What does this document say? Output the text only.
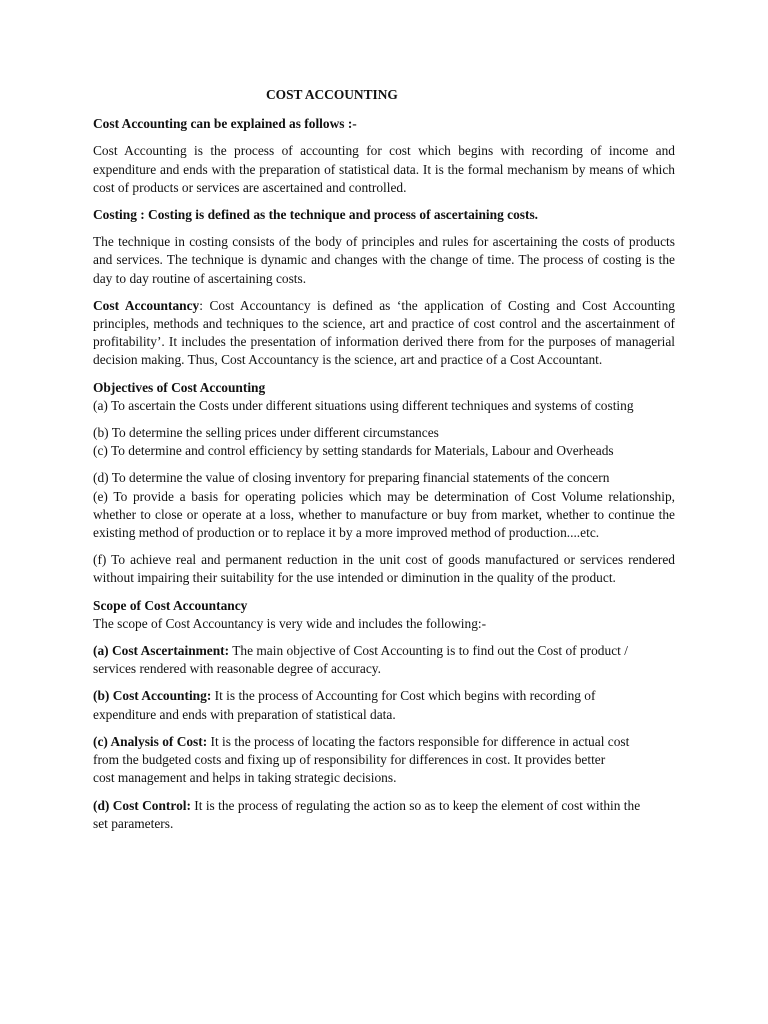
COST ACCOUNTING

Cost Accounting can be explained as follows :-

Cost Accounting is the process of accounting for cost which begins with recording of income and expenditure and ends with the preparation of statistical data. It is the formal mechanism by means of which cost of products or services are ascertained and controlled.

Costing : Costing is defined as the technique and process of ascertaining costs.

The technique in costing consists of the body of principles and rules for ascertaining the costs of products and services. The technique is dynamic and changes with the change of time. The process of costing is the day to day routine of ascertaining costs.

Cost Accountancy: Cost Accountancy is defined as ‘the application of Costing and Cost Accounting principles, methods and techniques to the science, art and practice of cost control and the ascertainment of profitability’. It includes the presentation of information derived there from for the purposes of managerial decision making. Thus, Cost Accountancy is the science, art and practice of a Cost Accountant.

Objectives of Cost Accounting

(a) To ascertain the Costs under different situations using different techniques and systems of costing

(b) To determine the selling prices under different circumstances

(c) To determine and control efficiency by setting standards for Materials, Labour and Overheads

(d) To determine the value of closing inventory for preparing financial statements of the concern

(e) To provide a basis for operating policies which may be determination of Cost Volume relationship, whether to close or operate at a loss, whether to manufacture or buy from market, whether to continue the existing method of production or to replace it by a more improved method of production....etc.

(f) To achieve real and permanent reduction in the unit cost of goods manufactured or services rendered without impairing their suitability for the use intended or diminution in the quality of the product.

Scope of Cost Accountancy

The scope of Cost Accountancy is very wide and includes the following:-

(a) Cost Ascertainment: The main objective of Cost Accounting is to find out the Cost of product /
services rendered with reasonable degree of accuracy.

(b) Cost Accounting: It is the process of Accounting for Cost which begins with recording of
expenditure and ends with preparation of statistical data.

(c) Analysis of Cost: It is the process of locating the factors responsible for difference in actual cost
from the budgeted costs and fixing up of responsibility for differences in cost. It provides better
cost management and helps in taking strategic decisions.

(d) Cost Control: It is the process of regulating the action so as to keep the element of cost within the
set parameters.
